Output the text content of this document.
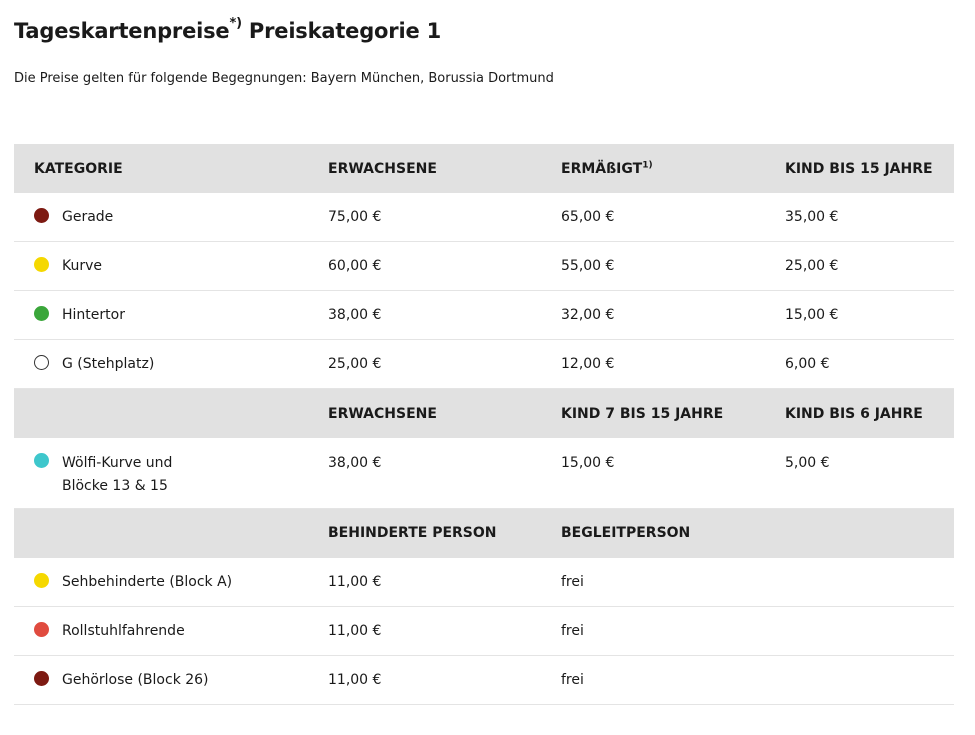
Tageskartenpreise*) Preiskategorie 1

Die Preise gelten für folgende Begegnungen: Bayern München, Borussia Dortmund

KATEGORIE	ERWACHSENE	ERMÄßIGT$^{1)}$	KIND BIS 15 JAHRE

Gerade	75,00 €	65,00 €	35,00 €

Kurve	60,00 €	55,00 €	25,00 €

Hintertor	38,00 €	32,00 €	15,00 €

G (Stehplatz)	25,00 €	12,00 €	6,00 €
	ERWACHSENE	KIND 7 BIS 15 JAHRE	KIND BIS 6 JAHRE

Wölfi-Kurve und
Blöcke 13 & 15	38,00 €	15,00 €	5,00 €
	BEHINDERTE PERSON	BEGLEITPERSON	

Sehbehinderte (Block A)	11,00 €	frei	

Rollstuhlfahrende	11,00 €	frei	

Gehörlose (Block 26)	11,00 €	frei	
